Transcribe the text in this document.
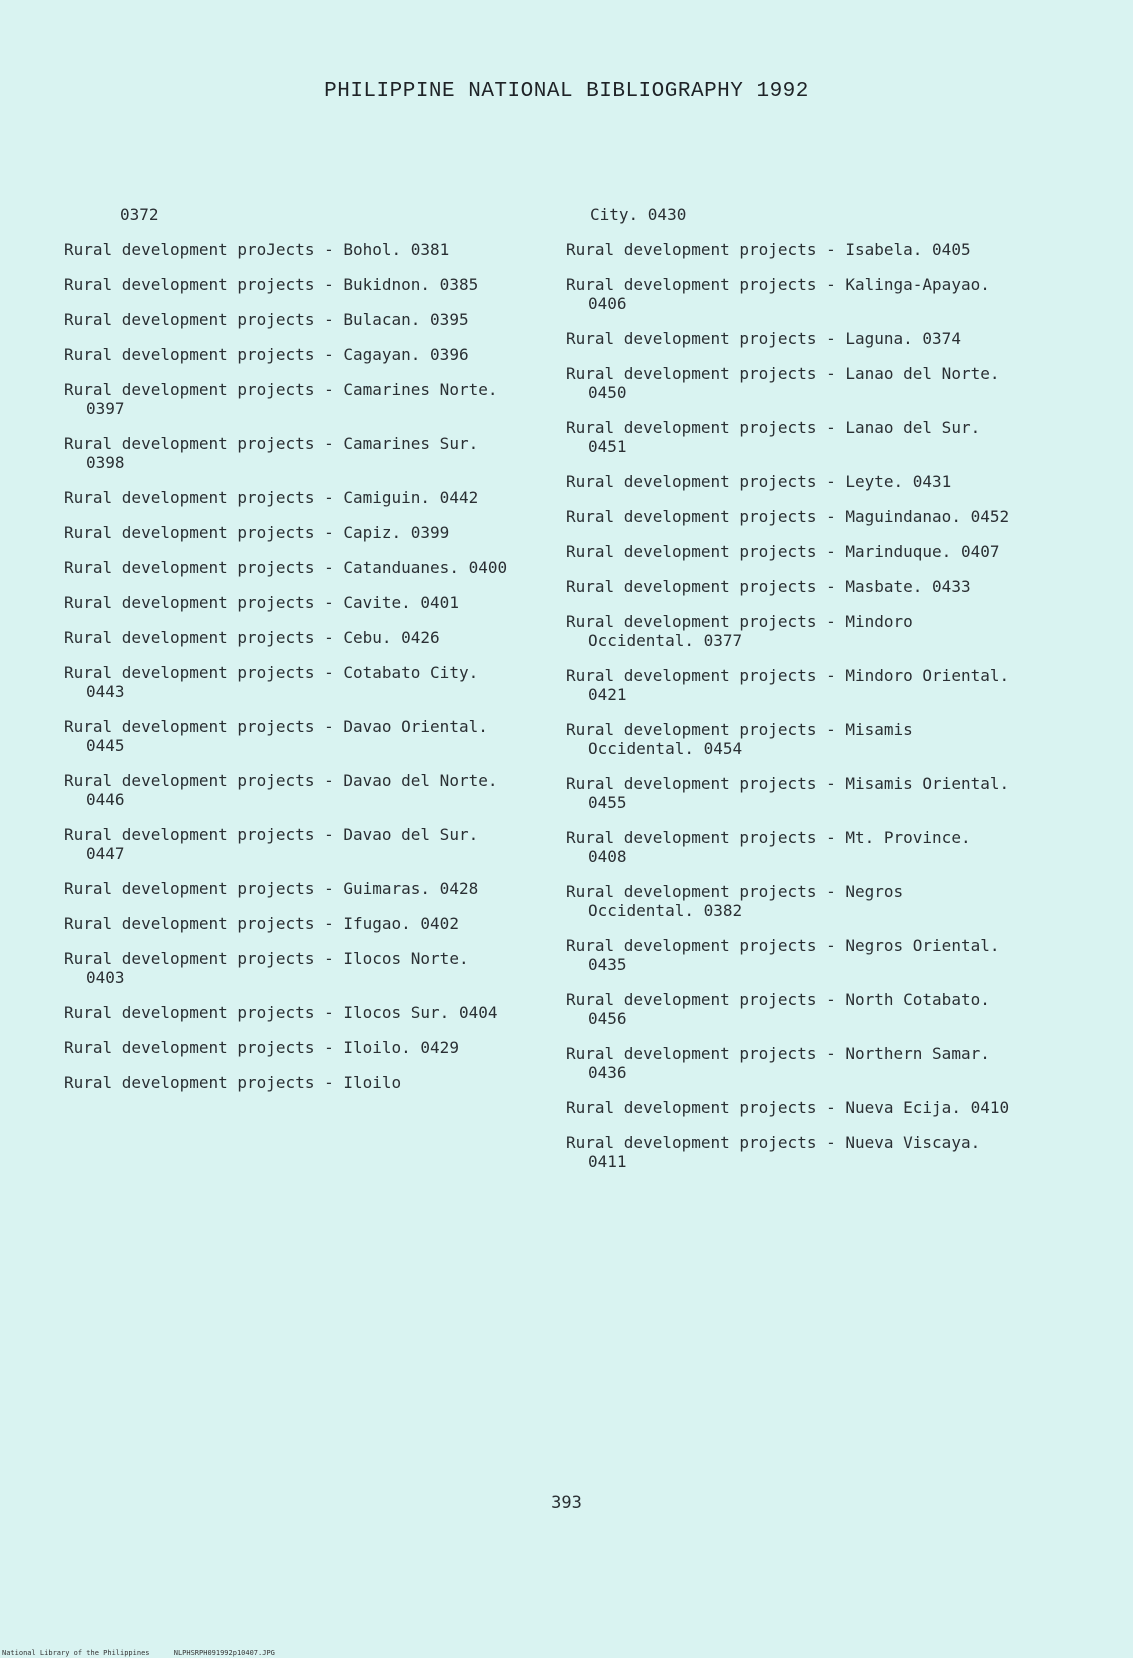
PHILIPPINE NATIONAL BIBLIOGRAPHY 1992

0372

Rural development proJects - Bohol. 0381

Rural development projects - Bukidnon. 0385

Rural development projects - Bulacan. 0395

Rural development projects - Cagayan. 0396

Rural development projects - Camarines Norte. 0397

Rural development projects - Camarines Sur. 0398

Rural development projects - Camiguin. 0442

Rural development projects - Capiz. 0399

Rural development projects - Catanduanes. 0400

Rural development projects - Cavite. 0401

Rural development projects - Cebu. 0426

Rural development projects - Cotabato City. 0443

Rural development projects - Davao Oriental. 0445

Rural development projects - Davao del Norte. 0446

Rural development projects - Davao del Sur. 0447

Rural development projects - Guimaras. 0428

Rural development projects - Ifugao. 0402

Rural development projects - Ilocos Norte. 0403

Rural development projects - Ilocos Sur. 0404

Rural development projects - Iloilo. 0429

Rural development projects - Iloilo

City. 0430

Rural development projects - Isabela. 0405

Rural development projects - Kalinga-Apayao. 0406

Rural development projects - Laguna. 0374

Rural development projects - Lanao del Norte. 0450

Rural development projects - Lanao del Sur. 0451

Rural development projects - Leyte. 0431

Rural development projects - Maguindanao. 0452

Rural development projects - Marinduque. 0407

Rural development projects - Masbate. 0433

Rural development projects - Mindoro Occidental. 0377

Rural development projects - Mindoro Oriental. 0421

Rural development projects - Misamis Occidental. 0454

Rural development projects - Misamis Oriental. 0455

Rural development projects - Mt. Province. 0408

Rural development projects - Negros Occidental. 0382

Rural development projects - Negros Oriental. 0435

Rural development projects - North Cotabato. 0456

Rural development projects - Northern Samar. 0436

Rural development projects - Nueva Ecija. 0410

Rural development projects - Nueva Viscaya. 0411

393
National Library of the Philippines	NLPHSRPH091992p10407.JPG
